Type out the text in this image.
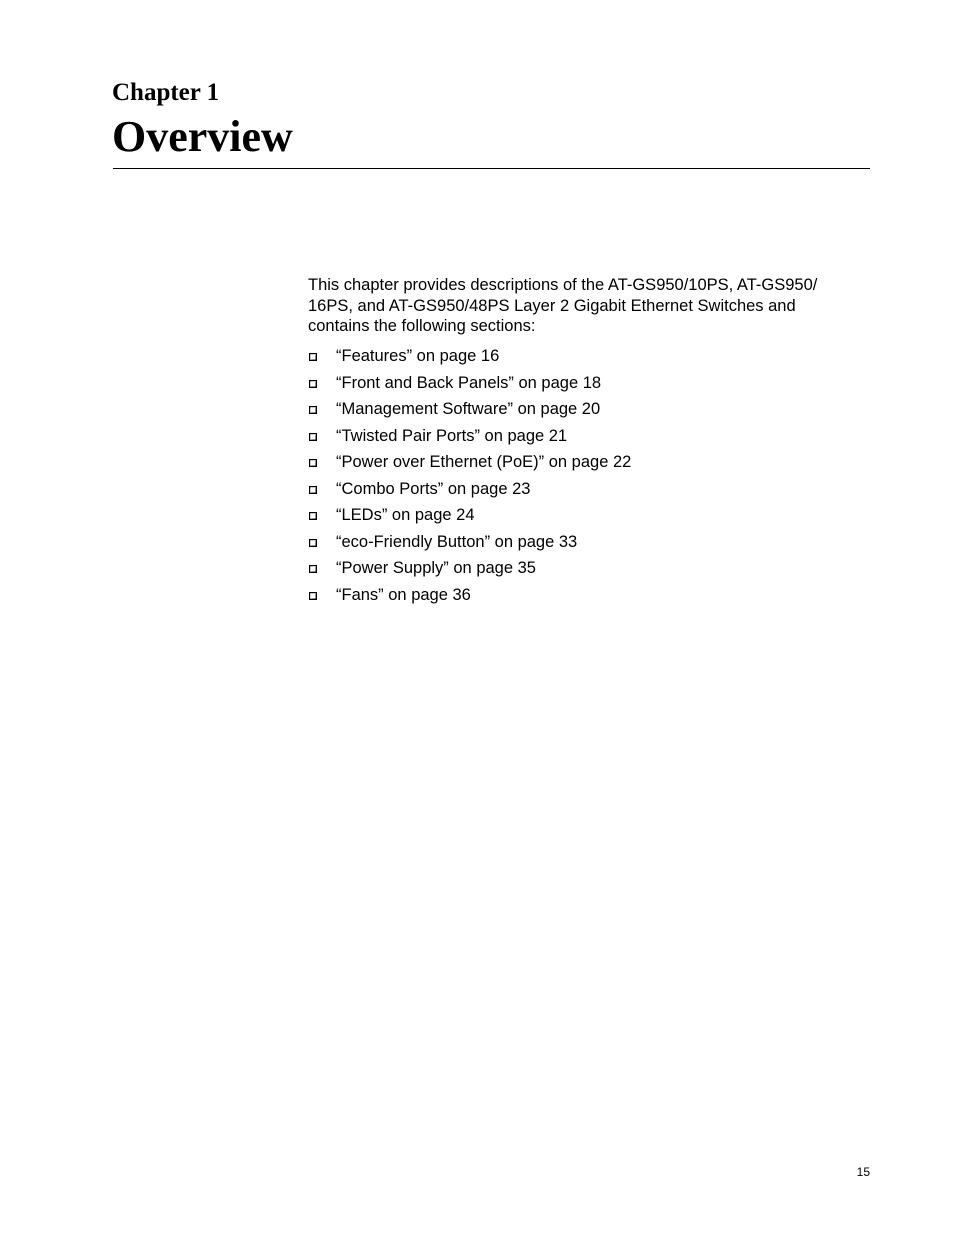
Chapter 1
Overview

This chapter provides descriptions of the AT-GS950/10PS, AT-GS950/ 16PS, and AT-GS950/48PS Layer 2 Gigabit Ethernet Switches and contains the following sections:

“Features” on page 16
“Front and Back Panels” on page 18
“Management Software” on page 20
“Twisted Pair Ports” on page 21
“Power over Ethernet (PoE)” on page 22
“Combo Ports” on page 23
“LEDs” on page 24
“eco-Friendly Button” on page 33
“Power Supply” on page 35
“Fans” on page 36
15
